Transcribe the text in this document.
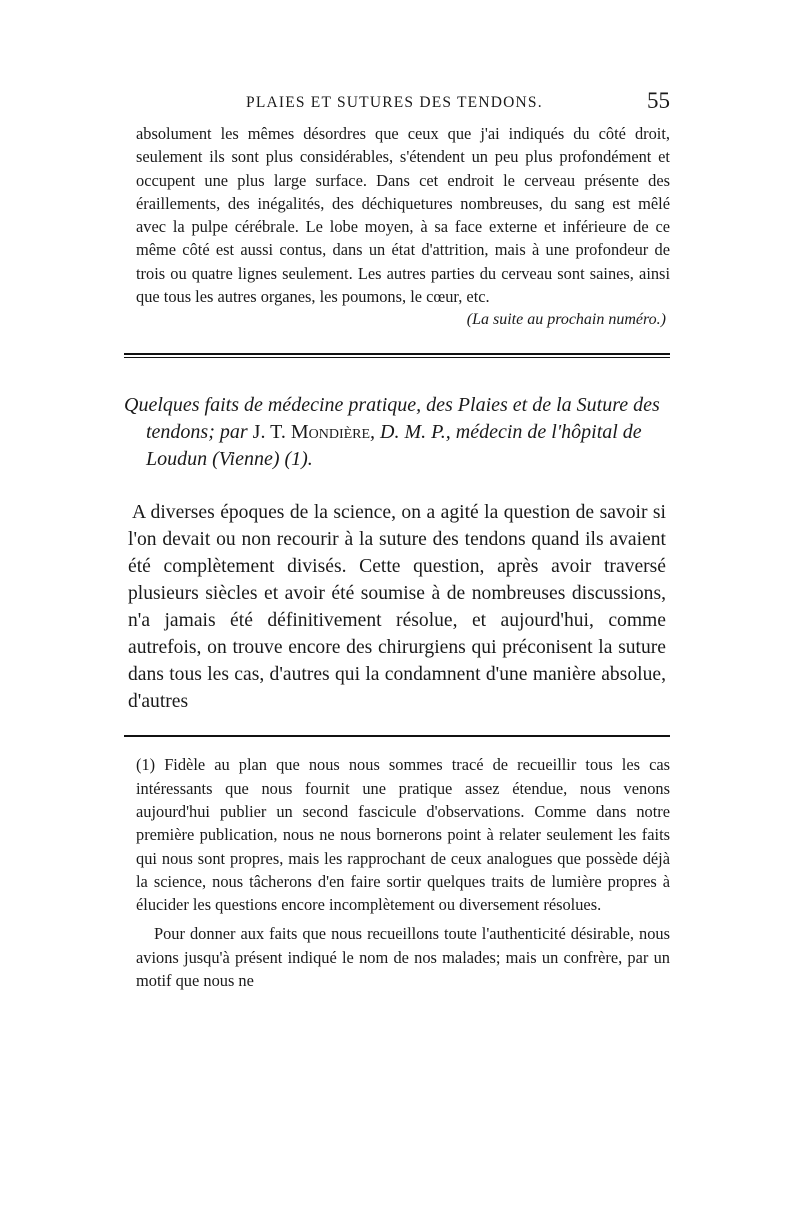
PLAIES ET SUTURES DES TENDONS.	55

absolument les mêmes désordres que ceux que j'ai indiqués du côté droit, seulement ils sont plus considérables, s'étendent un peu plus profondément et occupent une plus large surface. Dans cet endroit le cerveau présente des éraillements, des inégalités, des déchiquetures nombreuses, du sang est mêlé avec la pulpe cérébrale. Le lobe moyen, à sa face externe et inférieure de ce même côté est aussi contus, dans un état d'attrition, mais à une profondeur de trois ou quatre lignes seulement. Les autres parties du cerveau sont saines, ainsi que tous les autres organes, les poumons, le cœur, etc.

(La suite au prochain numéro.)

Quelques faits de médecine pratique, des Plaies et de la Suture des tendons; par J. T. Mondière, D. M. P., médecin de l'hôpital de Loudun (Vienne) (1).

A diverses époques de la science, on a agité la question de savoir si l'on devait ou non recourir à la suture des tendons quand ils avaient été complètement divisés. Cette question, après avoir traversé plusieurs siècles et avoir été soumise à de nombreuses discussions, n'a jamais été définitivement résolue, et aujourd'hui, comme autrefois, on trouve encore des chirurgiens qui préconisent la suture dans tous les cas, d'autres qui la condamnent d'une manière absolue, d'autres

(1) Fidèle au plan que nous nous sommes tracé de recueillir tous les cas intéressants que nous fournit une pratique assez étendue, nous venons aujourd'hui publier un second fascicule d'observations. Comme dans notre première publication, nous ne nous bornerons point à relater seulement les faits qui nous sont propres, mais les rapprochant de ceux analogues que possède déjà la science, nous tâcherons d'en faire sortir quelques traits de lumière propres à élucider les questions encore incomplètement ou diversement résolues.

Pour donner aux faits que nous recueillons toute l'authenticité désirable, nous avions jusqu'à présent indiqué le nom de nos malades; mais un confrère, par un motif que nous ne
